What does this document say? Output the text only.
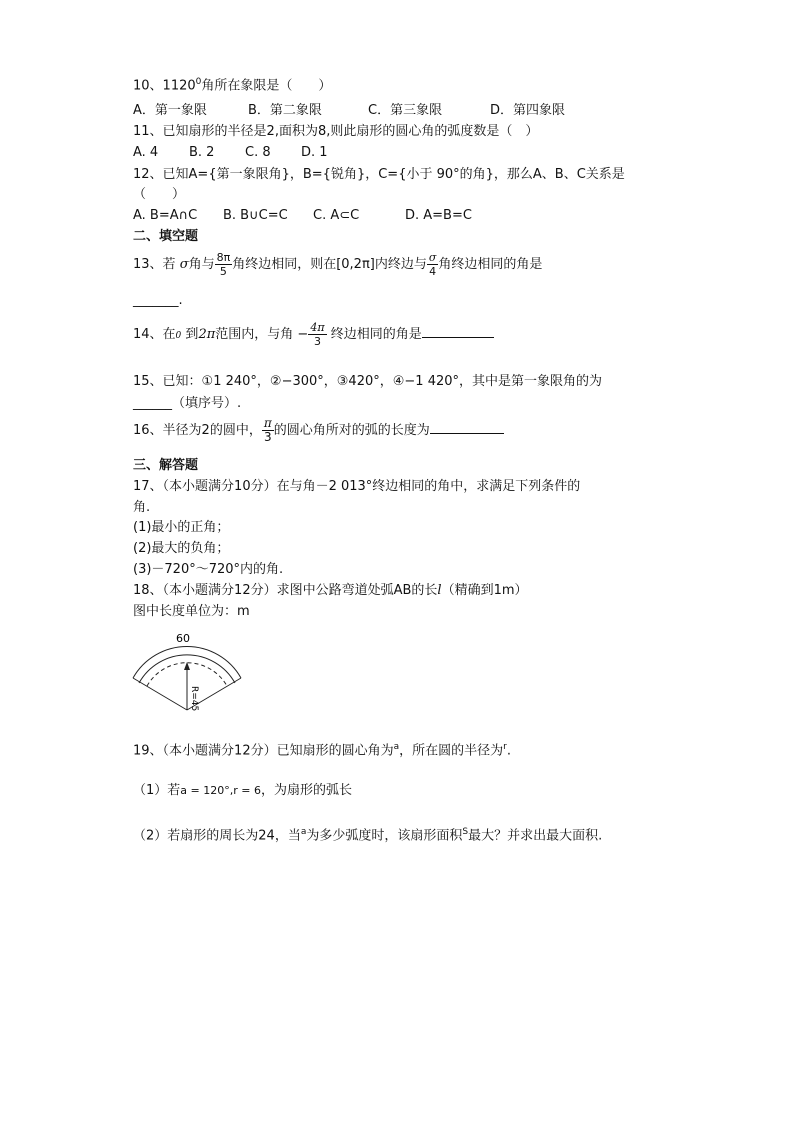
10、1120$^0$角所在象限是（　　）
A．第一象限	B．第二象限	C．第三象限	D．第四象限
11、已知扇形的半径是2,面积为8,则此扇形的圆心角的弧度数是（　）
A. 4 B. 2 C. 8 D. 1
12、已知A={第一象限角}，B={锐角}，C={小于 90°的角}，那么A、B、C关系是
（　　）
A. B=A∩C B. B∪C=C C. A⊂C	D. A=B=C
二、填空题
13、若 σ角与 $\frac{8\pi}{5}$ 角终边相同，则在[0,2π]内终边与 $\frac{\sigma}{4}$ 角终边相同的角是
_______.
14、在0 到2π范围内，与角 − $\frac{4\pi}{3}$ 终边相同的角是
15、已知：①1 240°，②−300°，③420°，④−1 420°，其中是第一象限角的为
______（填序号）.
16、半径为2的圆中， $\frac{\pi}{3}$ 的圆心角所对的弧的长度为
三、解答题
17、（本小题满分10分）在与角－2 013°终边相同的角中，求满足下列条件的
角.
(1)最小的正角；
(2)最大的负角；
(3)－720°～720°内的角.
18、（本小题满分12分）求图中公路弯道处弧AB的长l（精确到1m）
图中长度单位为：m
60
R=45
19、（本小题满分12分）已知扇形的圆心角为$^a$，所在圆的半径为$^r$.
（1）若a = 120°,r = 6，为扇形的弧长
（2）若扇形的周长为24，当$^a$为多少弧度时，该扇形面积$^S$最大？并求出最大面积.
